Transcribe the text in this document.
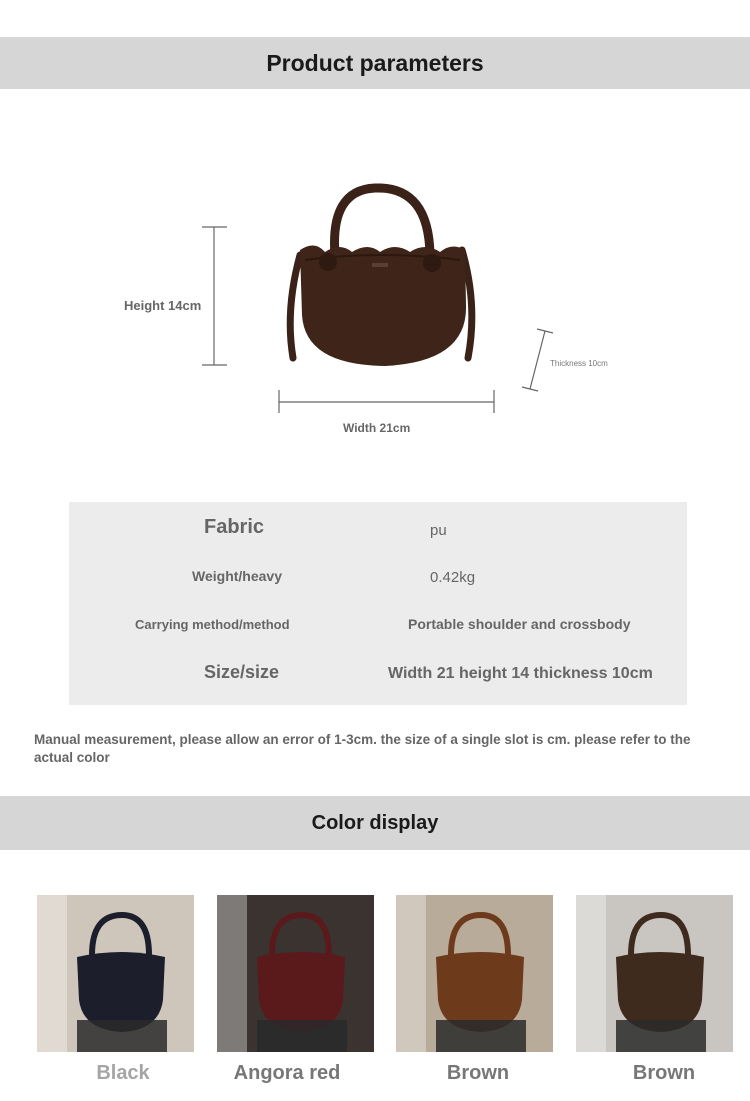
Product parameters
Height 14cm
Width 21cm
Thickness 10cm
Fabric	pu
Weight/heavy	0.42kg
Carrying method/method	Portable shoulder and crossbody
Size/size	Width 21 height 14 thickness 10cm
Manual measurement, please allow an error of 1-3cm. the size of a single slot is cm. please refer to the actual color
Color display
Black	Angora red	Brown	Brown
